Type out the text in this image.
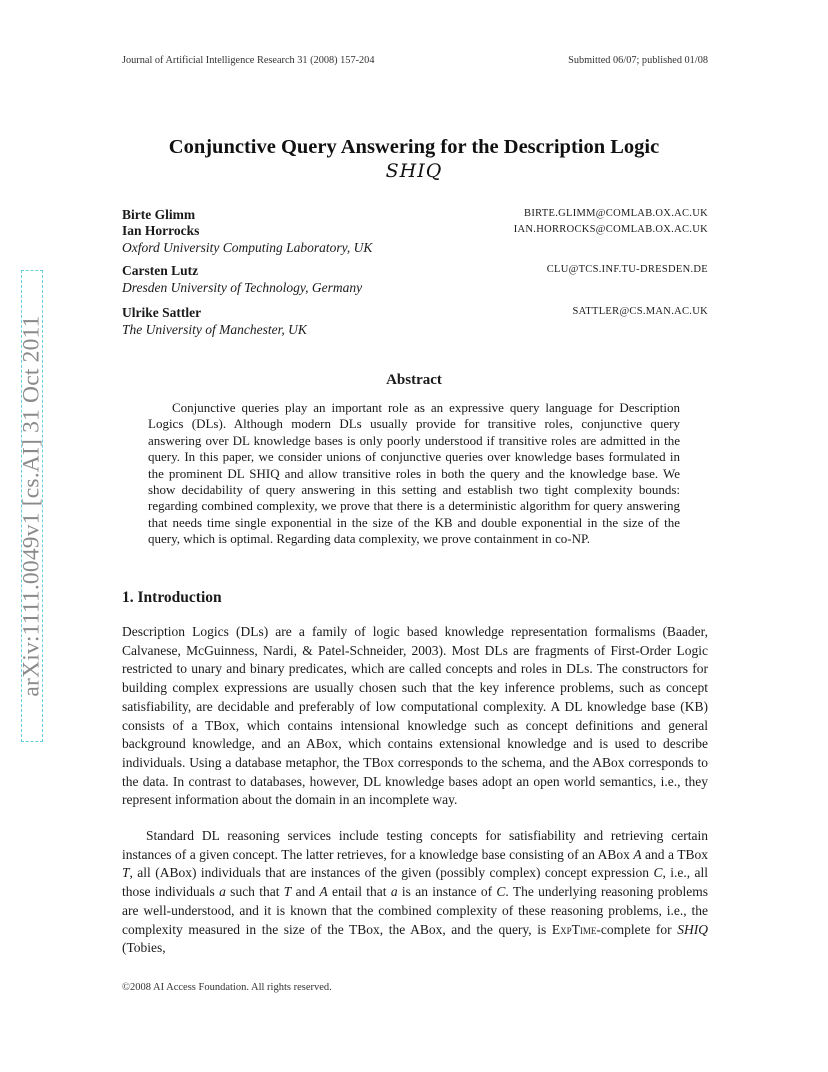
Journal of Artificial Intelligence Research 31 (2008) 157-204	Submitted 06/07; published 01/08
arXiv:1111.0049v1 [cs.AI] 31 Oct 2011
Conjunctive Query Answering for the Description Logic
SHIQ
Birte Glimm	BIRTE.GLIMM@COMLAB.OX.AC.UK
Ian Horrocks	IAN.HORROCKS@COMLAB.OX.AC.UK
Oxford University Computing Laboratory, UK
Carsten Lutz	CLU@TCS.INF.TU-DRESDEN.DE
Dresden University of Technology, Germany
Ulrike Sattler	SATTLER@CS.MAN.AC.UK
The University of Manchester, UK
Abstract
Conjunctive queries play an important role as an expressive query language for Description Logics (DLs). Although modern DLs usually provide for transitive roles, conjunctive query answering over DL knowledge bases is only poorly understood if transitive roles are admitted in the query. In this paper, we consider unions of conjunctive queries over knowledge bases formulated in the prominent DL SHIQ and allow transitive roles in both the query and the knowledge base. We show decidability of query answering in this setting and establish two tight complexity bounds: regarding combined complexity, we prove that there is a deterministic algorithm for query answering that needs time single exponential in the size of the KB and double exponential in the size of the query, which is optimal. Regarding data complexity, we prove containment in co-NP.
1. Introduction
Description Logics (DLs) are a family of logic based knowledge representation formalisms (Baader, Calvanese, McGuinness, Nardi, & Patel-Schneider, 2003). Most DLs are fragments of First-Order Logic restricted to unary and binary predicates, which are called concepts and roles in DLs. The constructors for building complex expressions are usually chosen such that the key inference problems, such as concept satisfiability, are decidable and preferably of low computational complexity. A DL knowledge base (KB) consists of a TBox, which contains intensional knowledge such as concept definitions and general background knowledge, and an ABox, which contains extensional knowledge and is used to describe individuals. Using a database metaphor, the TBox corresponds to the schema, and the ABox corresponds to the data. In contrast to databases, however, DL knowledge bases adopt an open world semantics, i.e., they represent information about the domain in an incomplete way.
Standard DL reasoning services include testing concepts for satisfiability and retrieving certain instances of a given concept. The latter retrieves, for a knowledge base consisting of an ABox A and a TBox T, all (ABox) individuals that are instances of the given (possibly complex) concept expression C, i.e., all those individuals a such that T and A entail that a is an instance of C. The underlying reasoning problems are well-understood, and it is known that the combined complexity of these reasoning problems, i.e., the complexity measured in the size of the TBox, the ABox, and the query, is ExpTime-complete for SHIQ (Tobies,
©2008 AI Access Foundation. All rights reserved.
